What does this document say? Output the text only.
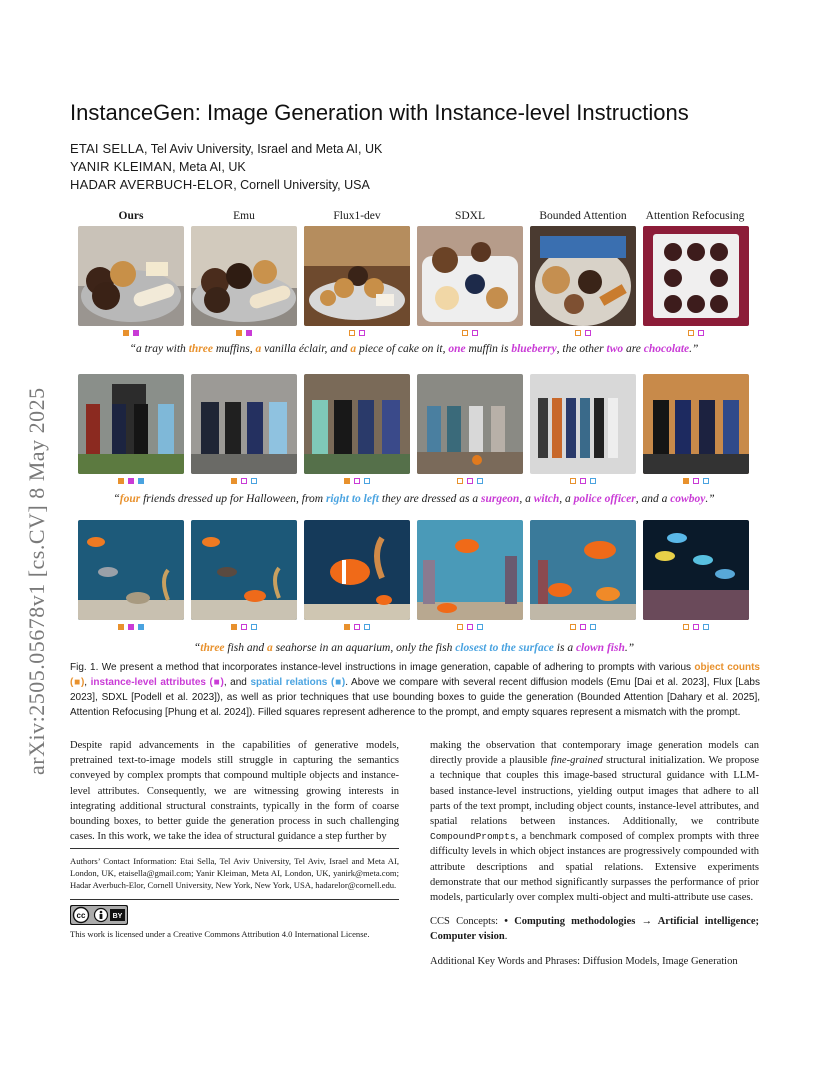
arXiv:2505.05678v1 [cs.CV] 8 May 2025
InstanceGen: Image Generation with Instance-level Instructions
ETAI SELLA, Tel Aviv University, Israel and Meta AI, UK
YANIR KLEIMAN, Meta AI, UK
HADAR AVERBUCH-ELOR, Cornell University, USA
Ours	Emu	Flux1-dev	SDXL	Bounded Attention	Attention Refocusing
“a tray with three muffins, a vanilla éclair, and a piece of cake on it, one muffin is blueberry, the other two are chocolate.”
“four friends dressed up for Halloween, from right to left they are dressed as a surgeon, a witch, a police officer, and a cowboy.”
“three fish and a seahorse in an aquarium, only the fish closest to the surface is a clown fish.”
Fig. 1. We present a method that incorporates instance-level instructions in image generation, capable of adhering to prompts with various object counts (■), instance-level attributes (■), and spatial relations (■). Above we compare with several recent diffusion models (Emu [Dai et al. 2023], Flux [Labs 2023], SDXL [Podell et al. 2023]), as well as prior techniques that use bounding boxes to guide the generation (Bounded Attention [Dahary et al. 2025], Attention Refocusing [Phung et al. 2024]). Filled squares represent adherence to the prompt, and empty squares represent a mismatch with the prompt.

Despite rapid advancements in the capabilities of generative models, pretrained text-to-image models still struggle in capturing the semantics conveyed by complex prompts that compound multiple objects and instance-level attributes. Consequently, we are witnessing growing interests in integrating additional structural constraints, typically in the form of coarse bounding boxes, to better guide the generation process in such challenging cases. In this work, we take the idea of structural guidance a step further by

Authors’ Contact Information: Etai Sella, Tel Aviv University, Tel Aviv, Israel and Meta AI, London, UK, etaisella@gmail.com; Yanir Kleiman, Meta AI, London, UK, yanirk@meta.com; Hadar Averbuch-Elor, Cornell University, New York, New York, USA, hadarelor@cornell.edu.
cc	BY
This work is licensed under a Creative Commons Attribution 4.0 International License.

making the observation that contemporary image generation models can directly provide a plausible fine-grained structural initialization. We propose a technique that couples this image-based structural guidance with LLM-based instance-level instructions, yielding output images that adhere to all parts of the text prompt, including object counts, instance-level attributes, and spatial relations between instances. Additionally, we contribute CompoundPrompts, a benchmark composed of complex prompts with three difficulty levels in which object instances are progressively compounded with attribute descriptions and spatial relations. Extensive experiments demonstrate that our method significantly surpasses the performance of prior models, particularly over complex multi-object and multi-attribute use cases.

CCS Concepts: • Computing methodologies → Artificial intelligence; Computer vision.

Additional Key Words and Phrases: Diffusion Models, Image Generation
